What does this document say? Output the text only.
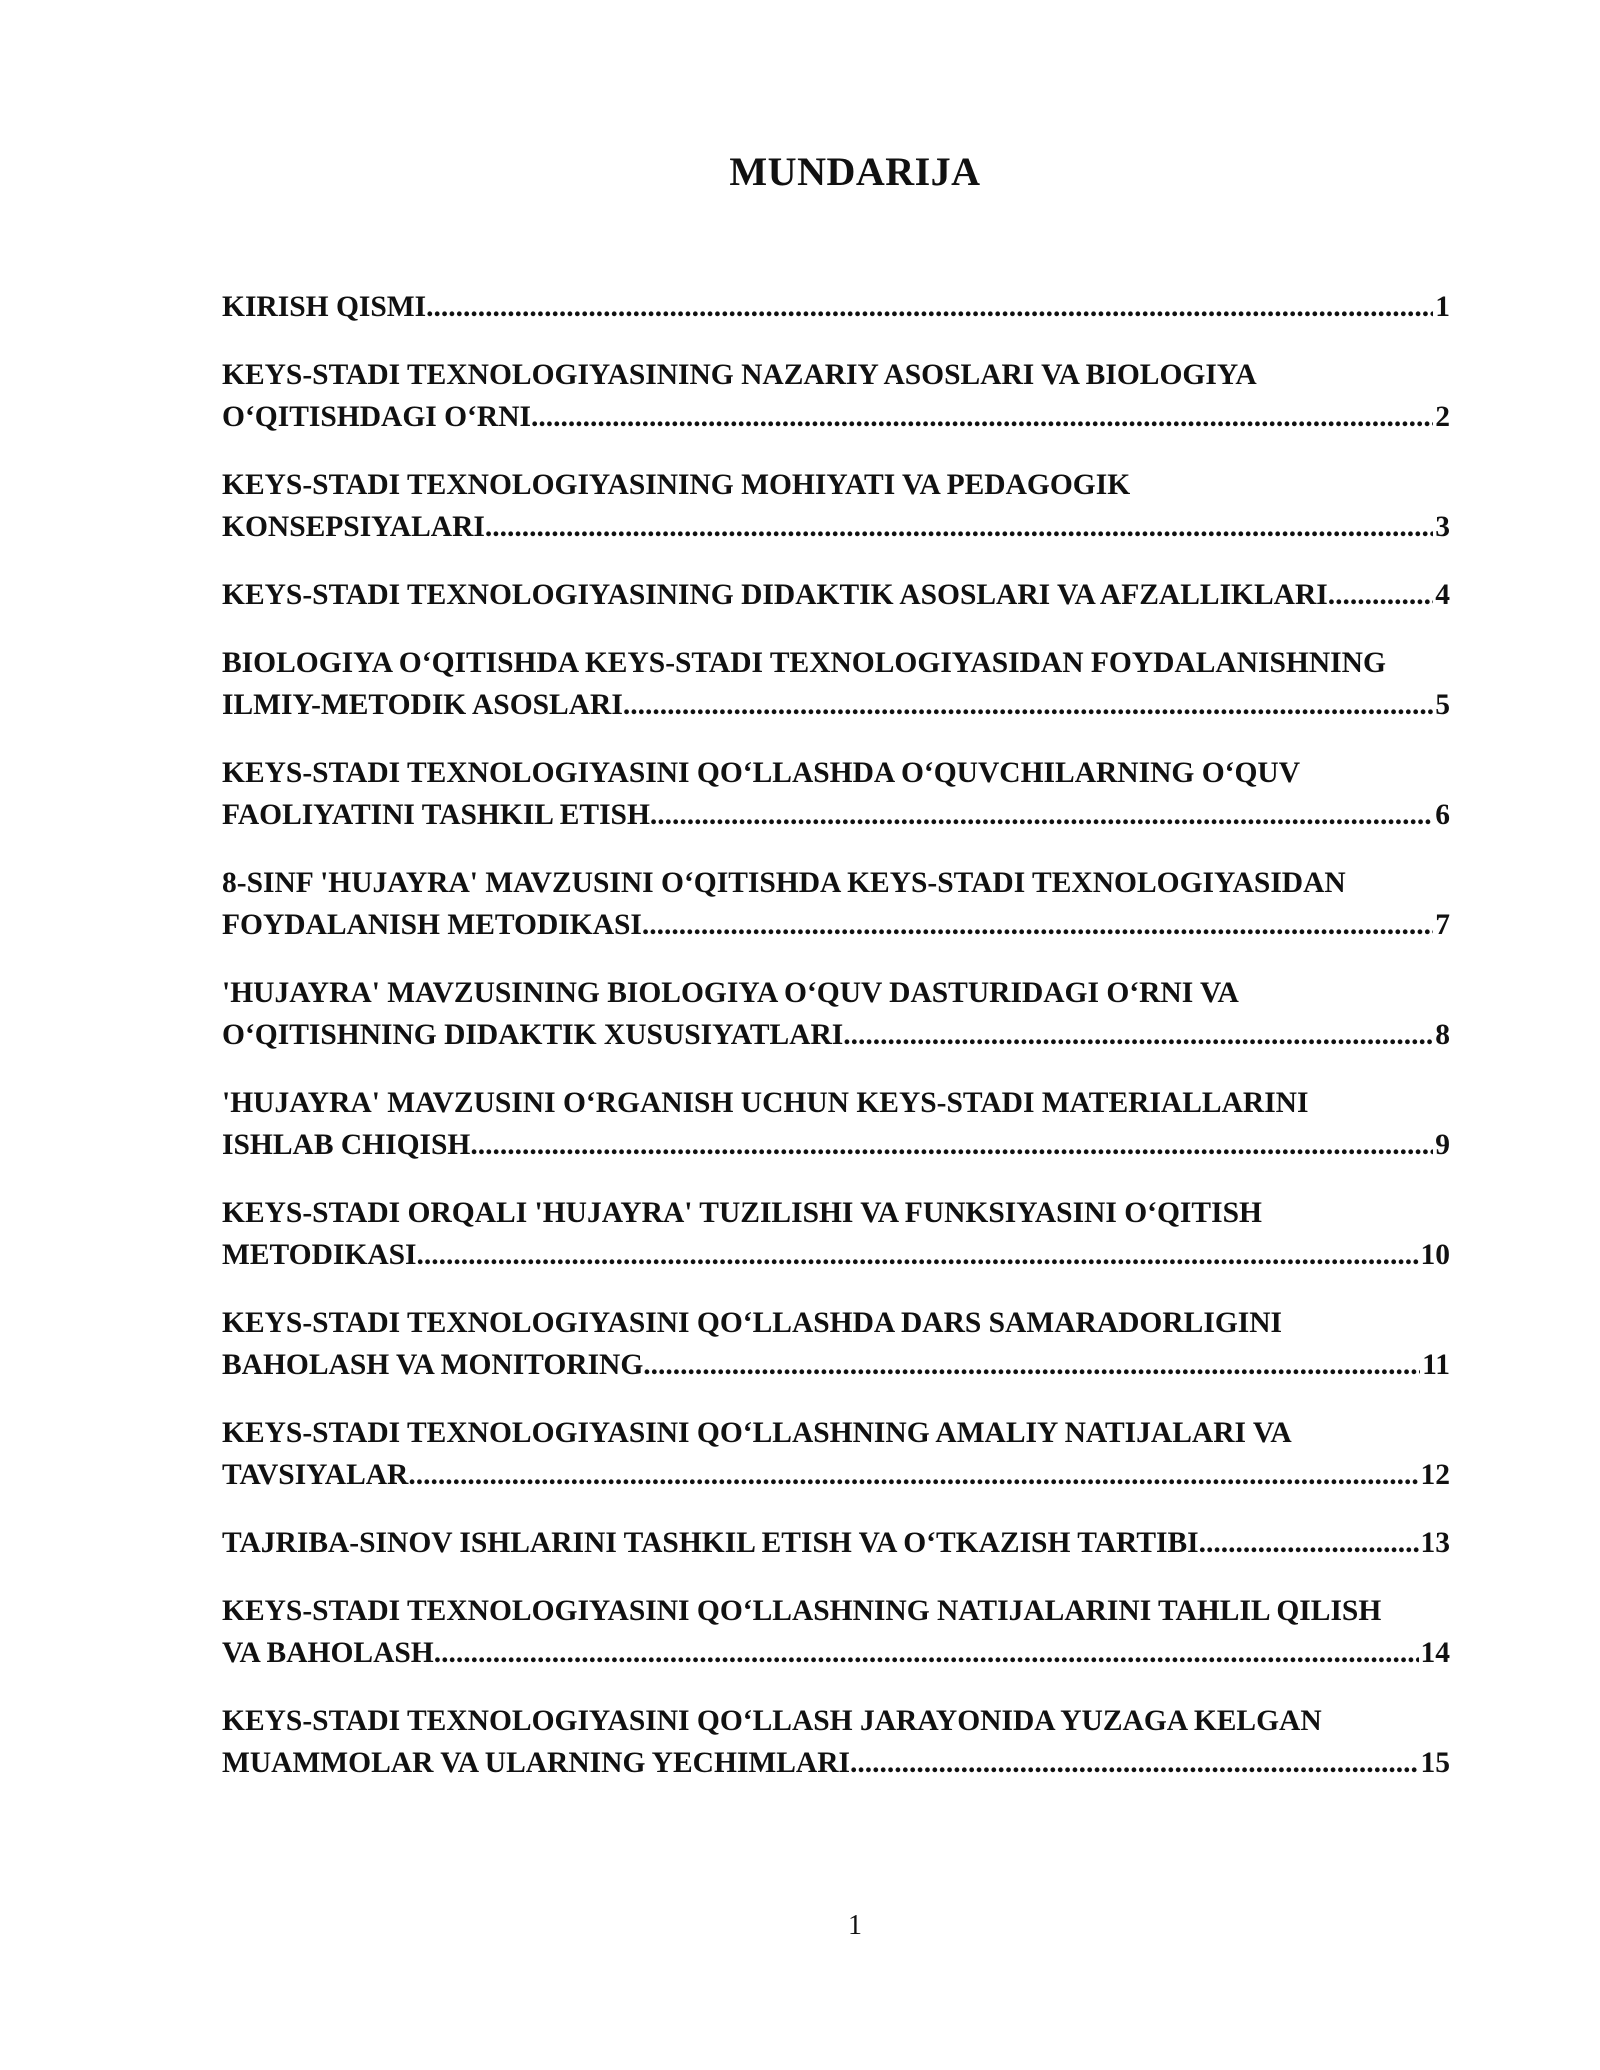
MUNDARIJA
KIRISH QISMI .....	1
KEYS-STADI TEXNOLOGIYASINING NAZARIY ASOSLARI VA BIOLOGIYA
O‘QITISHDAGI O‘RNI .....	2
KEYS-STADI TEXNOLOGIYASINING MOHIYATI VA PEDAGOGIK
KONSEPSIYALARI .....	3
KEYS-STADI TEXNOLOGIYASINING DIDAKTIK ASOSLARI VA AFZALLIKLARI .....	4
BIOLOGIYA O‘QITISHDA KEYS-STADI TEXNOLOGIYASIDAN FOYDALANISHNING
ILMIY-METODIK ASOSLARI .....	5
KEYS-STADI TEXNOLOGIYASINI QO‘LLASHDA O‘QUVCHILARNING O‘QUV
FAOLIYATINI TASHKIL ETISH .....	6
8-SINF 'HUJAYRA' MAVZUSINI O‘QITISHDA KEYS-STADI TEXNOLOGIYASIDAN
FOYDALANISH METODIKASI .....	7
'HUJAYRA' MAVZUSINING BIOLOGIYA O‘QUV DASTURIDAGI O‘RNI VA
O‘QITISHNING DIDAKTIK XUSUSIYATLARI .....	8
'HUJAYRA' MAVZUSINI O‘RGANISH UCHUN KEYS-STADI MATERIALLARINI
ISHLAB CHIQISH .....	9
KEYS-STADI ORQALI 'HUJAYRA' TUZILISHI VA FUNKSIYASINI O‘QITISH
METODIKASI .....	10
KEYS-STADI TEXNOLOGIYASINI QO‘LLASHDA DARS SAMARADORLIGINI
BAHOLASH VA MONITORING .....	11
KEYS-STADI TEXNOLOGIYASINI QO‘LLASHNING AMALIY NATIJALARI VA
TAVSIYALAR .....	12
TAJRIBA-SINOV ISHLARINI TASHKIL ETISH VA O‘TKAZISH TARTIBI .....	13
KEYS-STADI TEXNOLOGIYASINI QO‘LLASHNING NATIJALARINI TAHLIL QILISH
VA BAHOLASH .....	14
KEYS-STADI TEXNOLOGIYASINI QO‘LLASH JARAYONIDA YUZAGA KELGAN
MUAMMOLAR VA ULARNING YECHIMLARI .....	15
1
